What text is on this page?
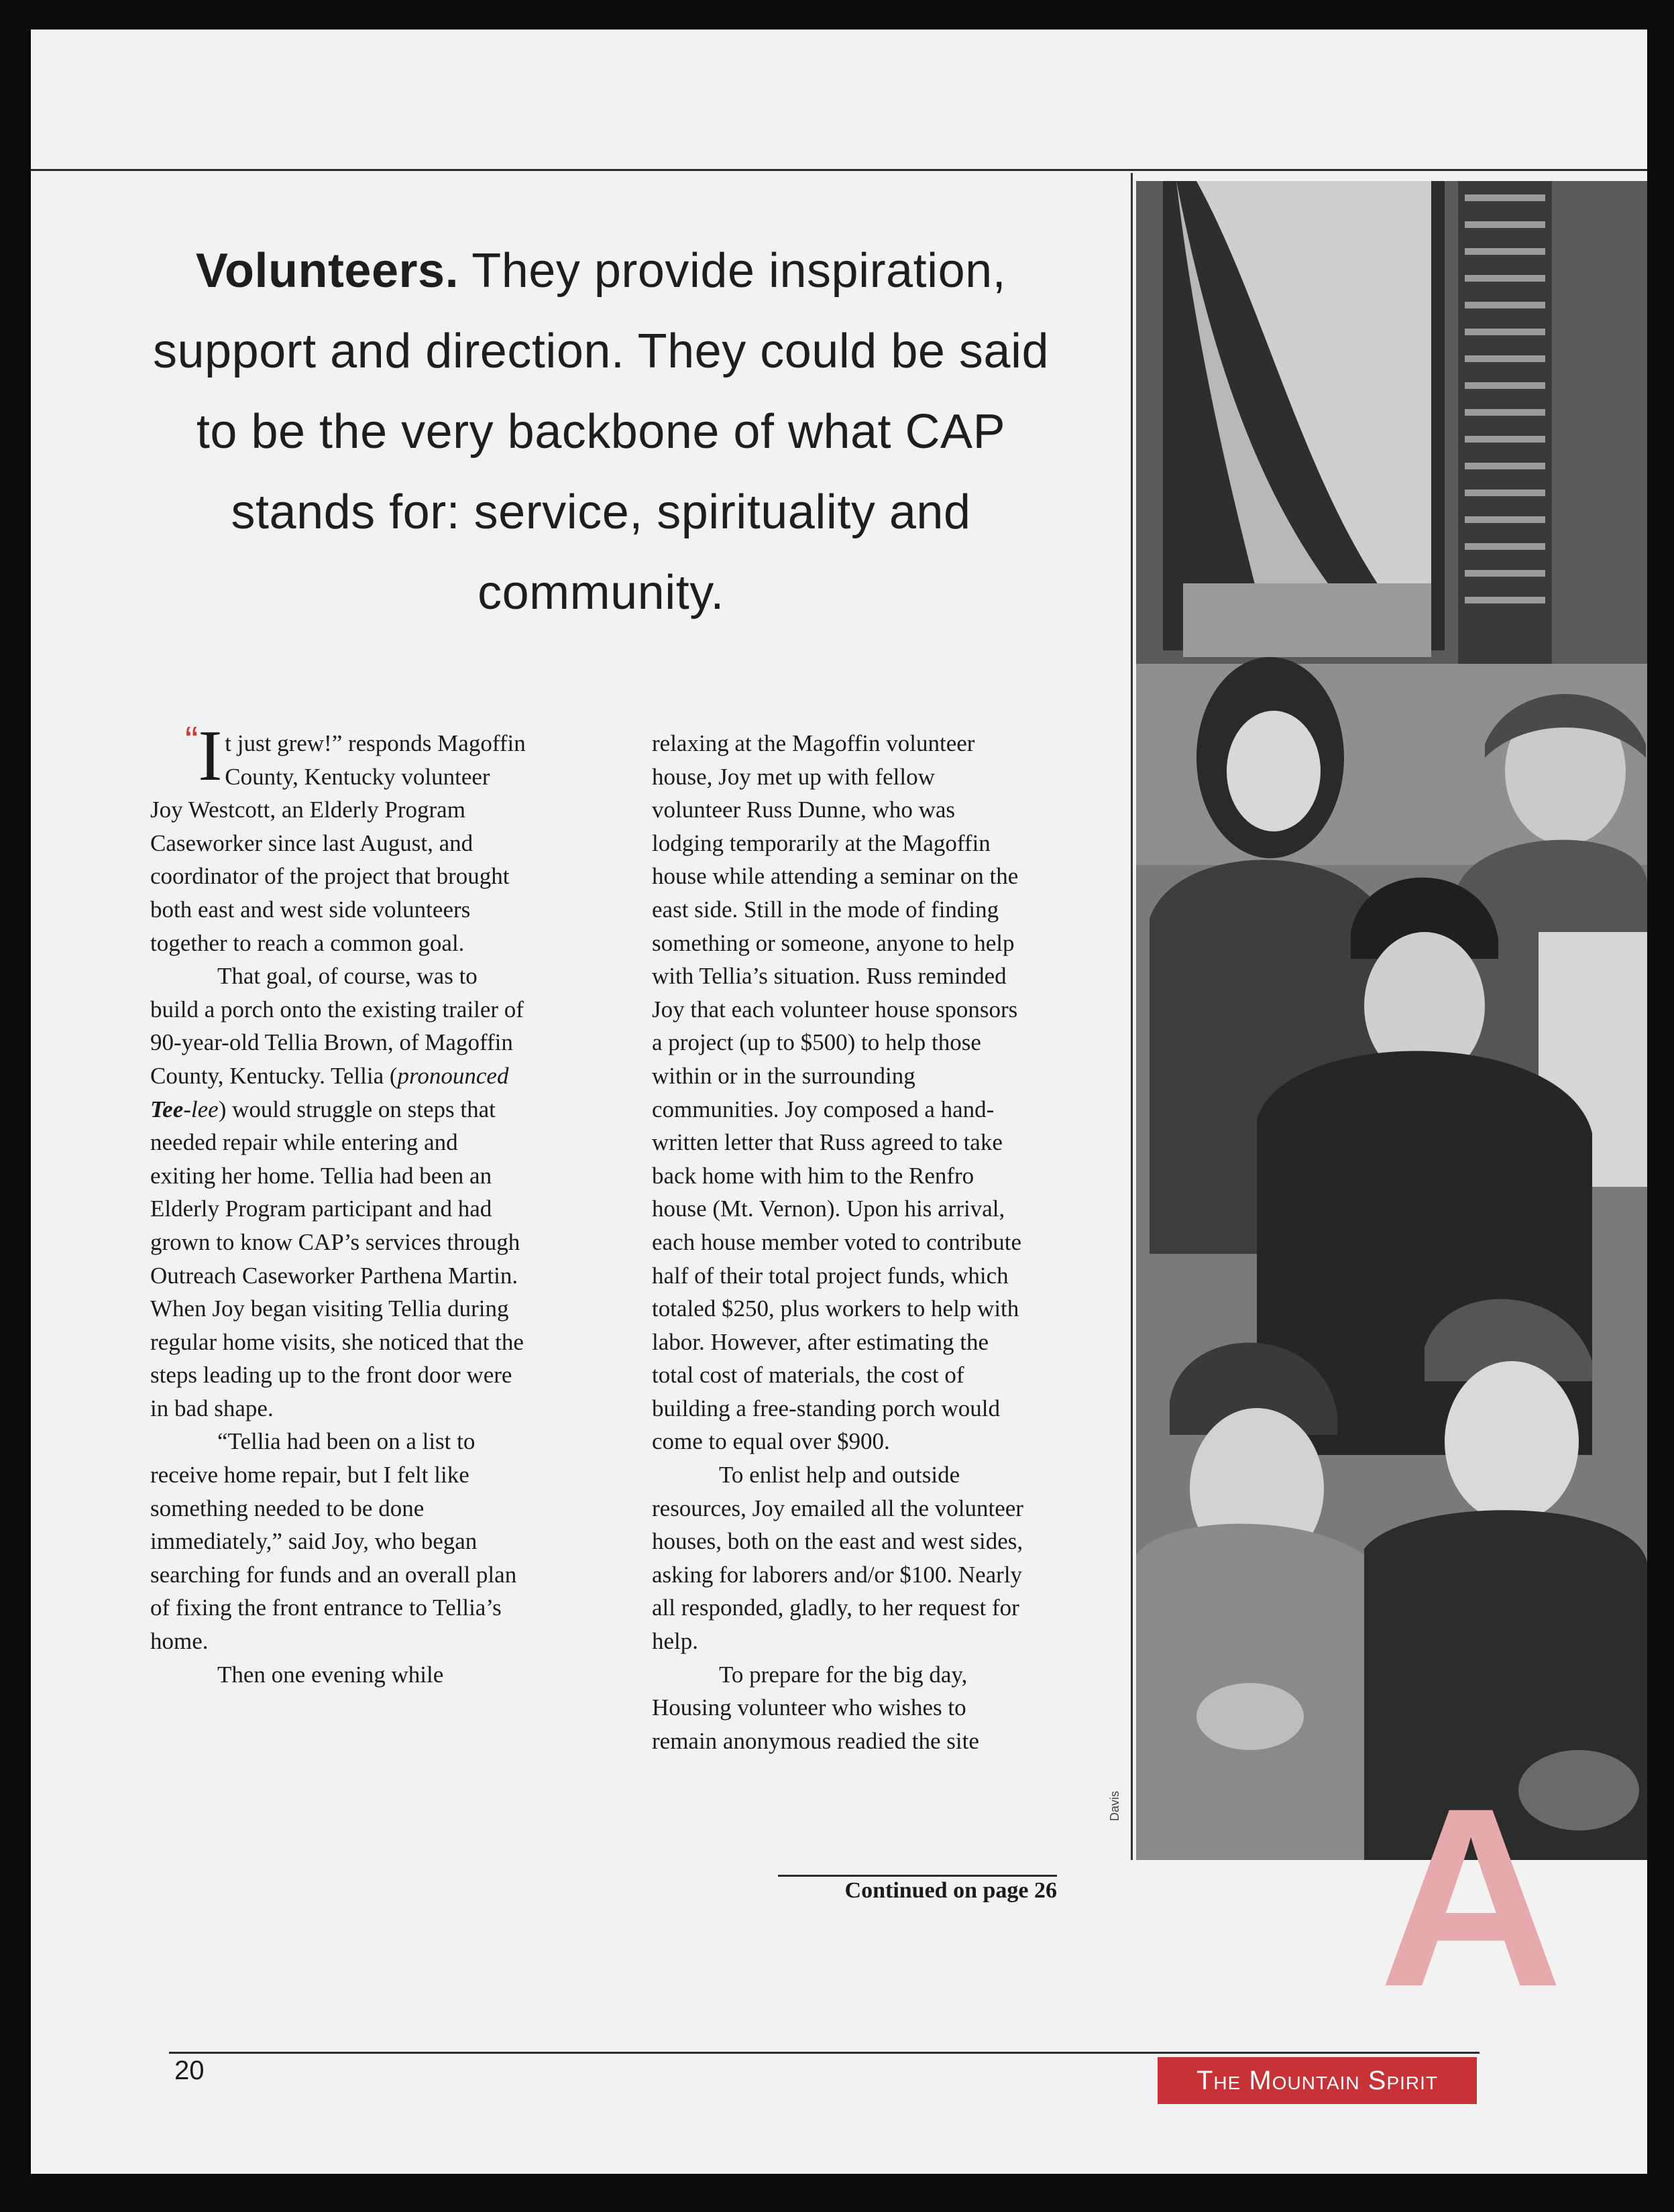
Volunteers. They provide inspiration, support and direction. They could be said to be the very backbone of what CAP stands for: service, spirituality and community.

“ I t just grew!” responds Magoffin County, Kentucky volunteer Joy Westcott, an Elderly Program Caseworker since last August, and coordinator of the project that brought both east and west side volunteers together to reach a common goal.

That goal, of course, was to build a porch onto the existing trailer of 90-year-old Tellia Brown, of Magoffin County, Kentucky. Tellia (pronounced
Tee-lee) would struggle on steps that needed repair while entering and exiting her home. Tellia had been an Elderly Program participant and had grown to know CAP’s services through Outreach Caseworker Parthena Martin. When Joy began visiting Tellia during regular home visits, she noticed that the steps leading up to the front door were in bad shape.

“Tellia had been on a list to receive home repair, but I felt like something needed to be done immediately,” said Joy, who began searching for funds and an overall plan of fixing the front entrance to Tellia’s home.

Then one evening while

relaxing at the Magoffin volunteer house, Joy met up with fellow volunteer Russ Dunne, who was lodging temporarily at the Magoffin house while attending a seminar on the east side. Still in the mode of finding something or someone, anyone to help with Tellia’s situation. Russ reminded Joy that each volunteer house sponsors a project (up to $500) to help those within or in the surrounding communities. Joy composed a hand-written letter that Russ agreed to take back home with him to the Renfro house (Mt. Vernon). Upon his arrival, each house member voted to contribute half of their total project funds, which totaled $250, plus workers to help with labor. However, after estimating the total cost of materials, the cost of building a free-standing porch would come to equal over $900.

To enlist help and outside resources, Joy emailed all the volunteer houses, both on the east and west sides, asking for laborers and/or $100. Nearly all responded, gladly, to her request for help.

To prepare for the big day, Housing volunteer who wishes to remain anonymous readied the site

Continued on page 26
Davis A
20	The Mountain Spirit
